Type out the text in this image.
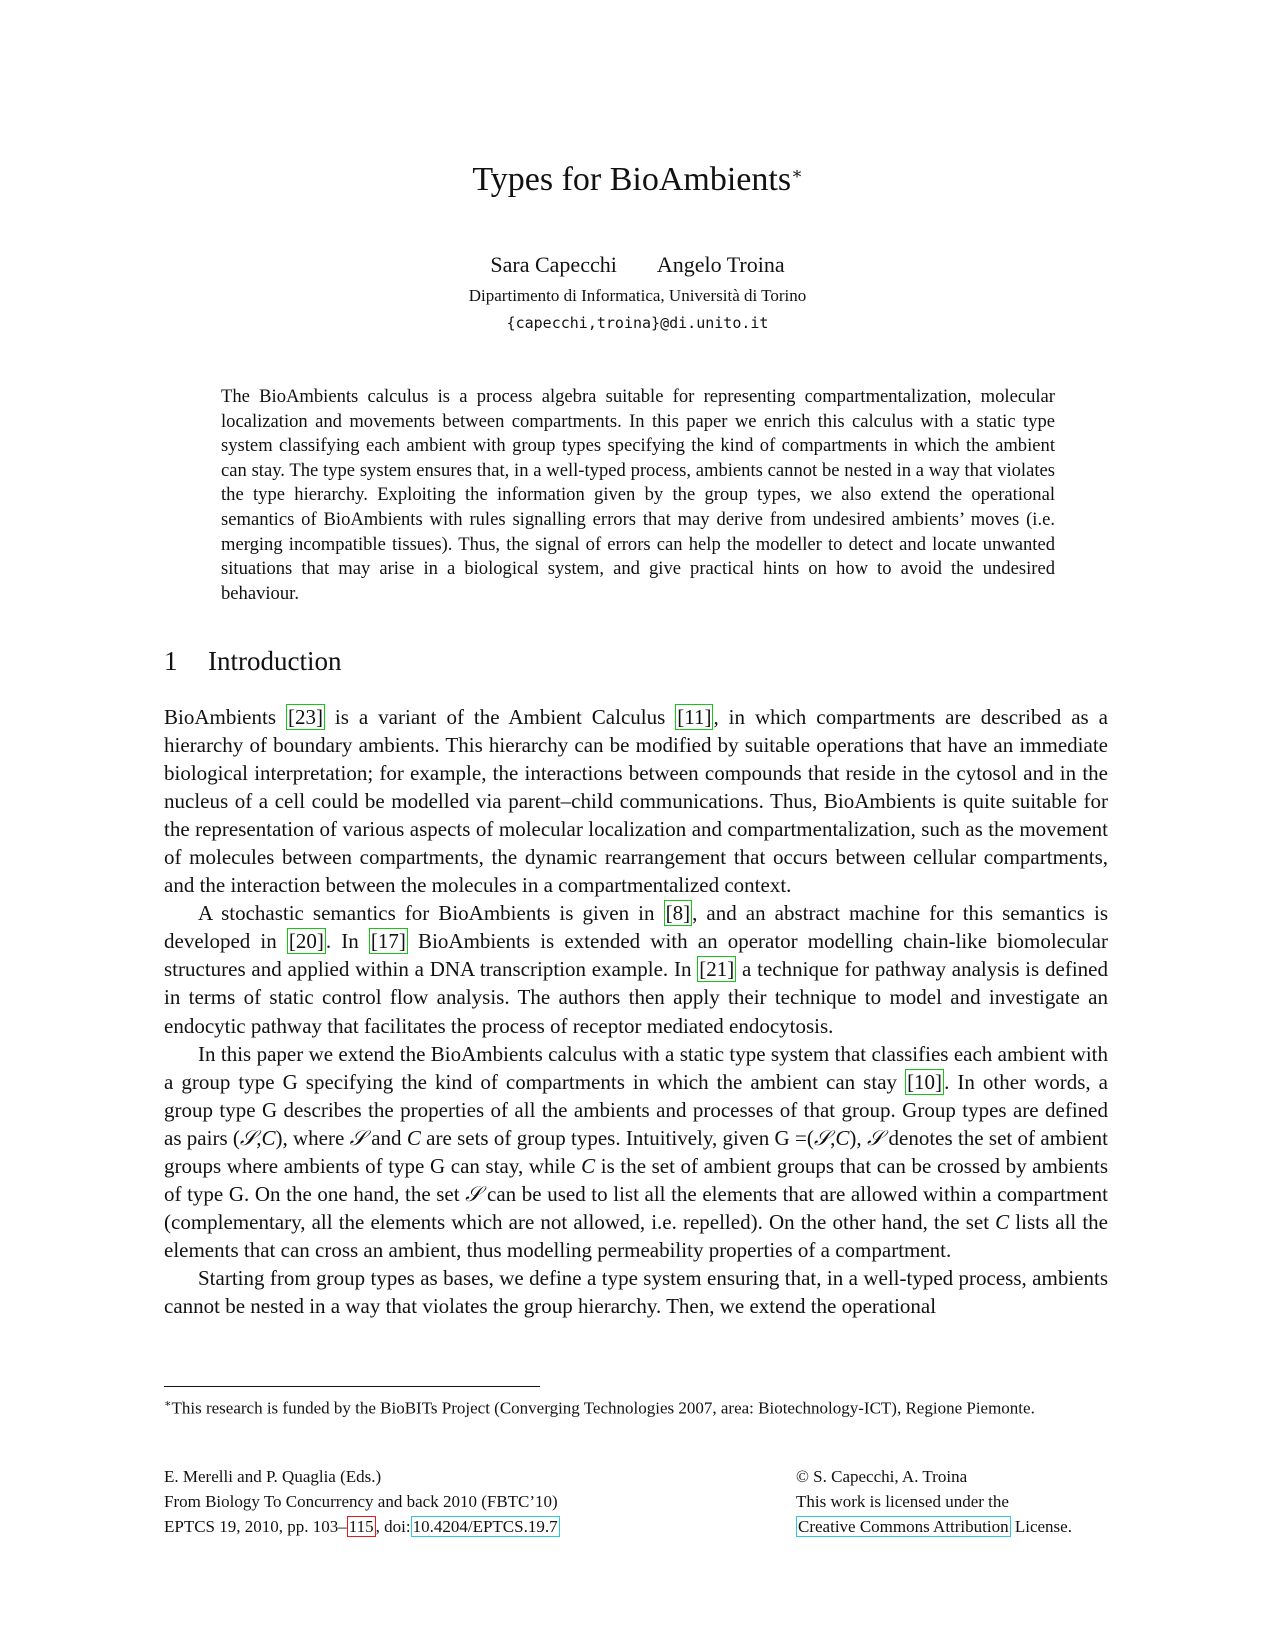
Types for BioAmbients∗
Sara Capecchi Angelo Troina
Dipartimento di Informatica, Università di Torino
{capecchi,troina}@di.unito.it

The BioAmbients calculus is a process algebra suitable for representing compartmentalization, molecular localization and movements between compartments. In this paper we enrich this calculus with a static type system classifying each ambient with group types specifying the kind of compartments in which the ambient can stay. The type system ensures that, in a well-typed process, ambients cannot be nested in a way that violates the type hierarchy. Exploiting the information given by the group types, we also extend the operational semantics of BioAmbients with rules signalling errors that may derive from undesired ambients’ moves (i.e. merging incompatible tissues). Thus, the signal of errors can help the modeller to detect and locate unwanted situations that may arise in a biological system, and give practical hints on how to avoid the undesired behaviour.

1 Introduction

BioAmbients [23] is a variant of the Ambient Calculus [11], in which compartments are described as a hierarchy of boundary ambients. This hierarchy can be modified by suitable operations that have an immediate biological interpretation; for example, the interactions between compounds that reside in the cytosol and in the nucleus of a cell could be modelled via parent–child communications. Thus, BioAmbients is quite suitable for the representation of various aspects of molecular localization and compartmentalization, such as the movement of molecules between compartments, the dynamic rearrangement that occurs between cellular compartments, and the interaction between the molecules in a compartmentalized context.

A stochastic semantics for BioAmbients is given in [8], and an abstract machine for this semantics is developed in [20]. In [17] BioAmbients is extended with an operator modelling chain-like biomolecular structures and applied within a DNA transcription example. In [21] a technique for pathway analysis is defined in terms of static control flow analysis. The authors then apply their technique to model and investigate an endocytic pathway that facilitates the process of receptor mediated endocytosis.

In this paper we extend the BioAmbients calculus with a static type system that classifies each ambient with a group type G specifying the kind of compartments in which the ambient can stay [10]. In other words, a group type G describes the properties of all the ambients and processes of that group. Group types are defined as pairs (𝒮,C), where 𝒮 and C are sets of group types. Intuitively, given G =(𝒮,C), 𝒮 denotes the set of ambient groups where ambients of type G can stay, while C is the set of ambient groups that can be crossed by ambients of type G. On the one hand, the set 𝒮 can be used to list all the elements that are allowed within a compartment (complementary, all the elements which are not allowed, i.e. repelled). On the other hand, the set C lists all the elements that can cross an ambient, thus modelling permeability properties of a compartment.

Starting from group types as bases, we define a type system ensuring that, in a well-typed process, ambients cannot be nested in a way that violates the group hierarchy. Then, we extend the operational

∗This research is funded by the BioBITs Project (Converging Technologies 2007, area: Biotechnology-ICT), Regione Piemonte.

E. Merelli and P. Quaglia (Eds.)
From Biology To Concurrency and back 2010 (FBTC’10)
EPTCS 19, 2010, pp. 103– 115 , doi: 10.4204/EPTCS.19.7
© S. Capecchi, A. Troina
This work is licensed under the
Creative Commons Attribution License.
